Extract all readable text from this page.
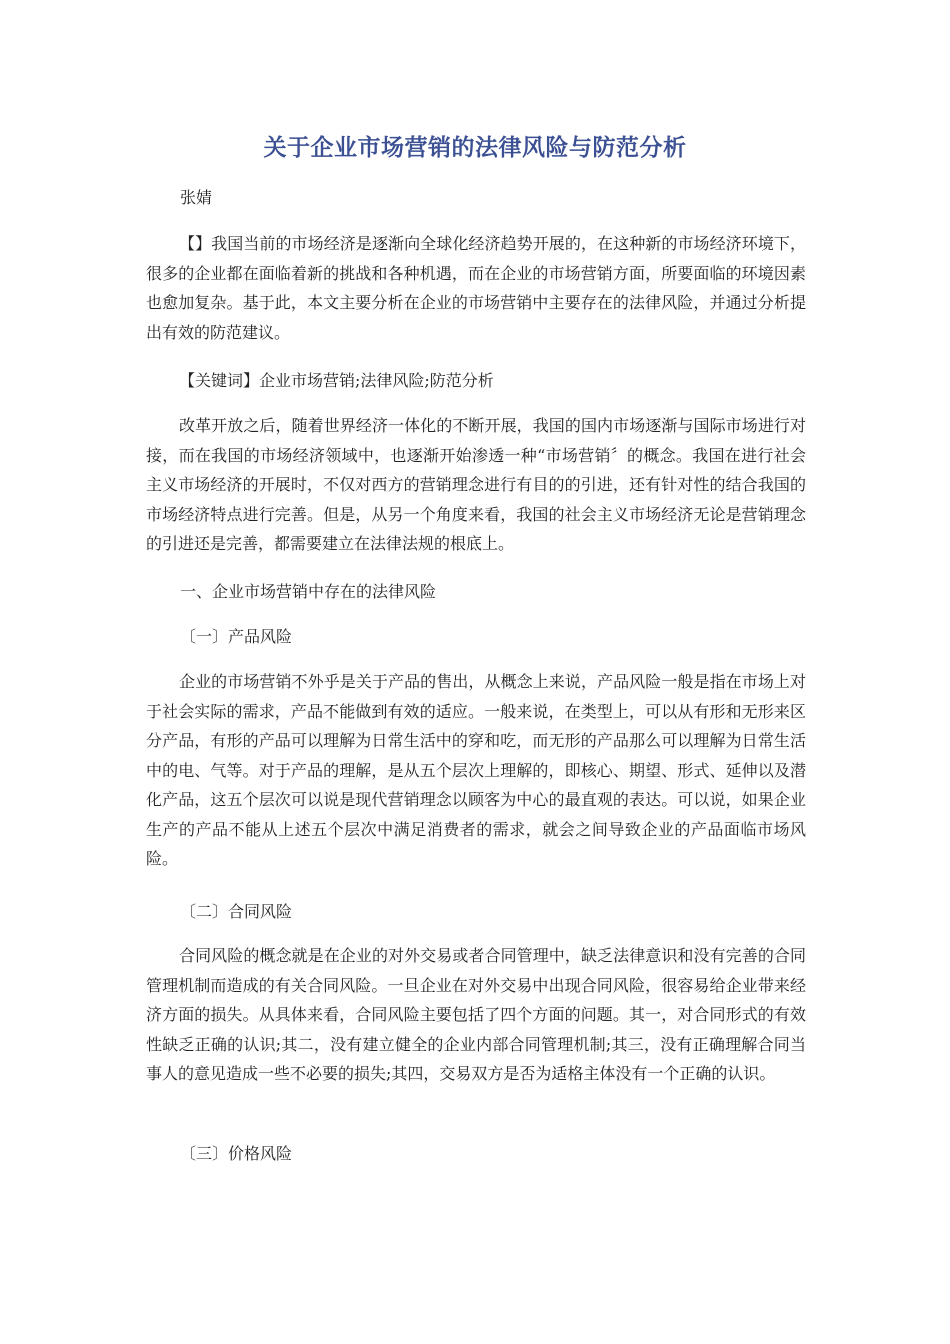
关于企业市场营销的法律风险与防范分析
张婧
【】我国当前的市场经济是逐渐向全球化经济趋势开展的，在这种新的市场经济环境下，很多的企业都在面临着新的挑战和各种机遇，而在企业的市场营销方面，所要面临的环境因素也愈加复杂。基于此，本文主要分析在企业的市场营销中主要存在的法律风险，并通过分析提出有效的防范建议。
【关键词】企业市场营销;法律风险;防范分析
改革开放之后，随着世界经济一体化的不断开展，我国的国内市场逐渐与国际市场进行对接，而在我国的市场经济领域中，也逐渐开始渗透一种“市场营销〞的概念。我国在进行社会主义市场经济的开展时，不仅对西方的营销理念进行有目的的引进，还有针对性的结合我国的市场经济特点进行完善。但是，从另一个角度来看，我国的社会主义市场经济无论是营销理念的引进还是完善，都需要建立在法律法规的根底上。
一、企业市场营销中存在的法律风险
〔一〕产品风险
企业的市场营销不外乎是关于产品的售出，从概念上来说，产品风险一般是指在市场上对于社会实际的需求，产品不能做到有效的适应。一般来说，在类型上，可以从有形和无形来区分产品，有形的产品可以理解为日常生活中的穿和吃，而无形的产品那么可以理解为日常生活中的电、气等。对于产品的理解，是从五个层次上理解的，即核心、期望、形式、延伸以及潜化产品，这五个层次可以说是现代营销理念以顾客为中心的最直观的表达。可以说，如果企业生产的产品不能从上述五个层次中满足消费者的需求，就会之间导致企业的产品面临市场风险。
〔二〕合同风险
合同风险的概念就是在企业的对外交易或者合同管理中，缺乏法律意识和没有完善的合同管理机制而造成的有关合同风险。一旦企业在对外交易中出现合同风险，很容易给企业带来经济方面的损失。从具体来看，合同风险主要包括了四个方面的问题。其一，对合同形式的有效性缺乏正确的认识;其二，没有建立健全的企业内部合同管理机制;其三，没有正确理解合同当事人的意见造成一些不必要的损失;其四，交易双方是否为适格主体没有一个正确的认识。
〔三〕价格风险
